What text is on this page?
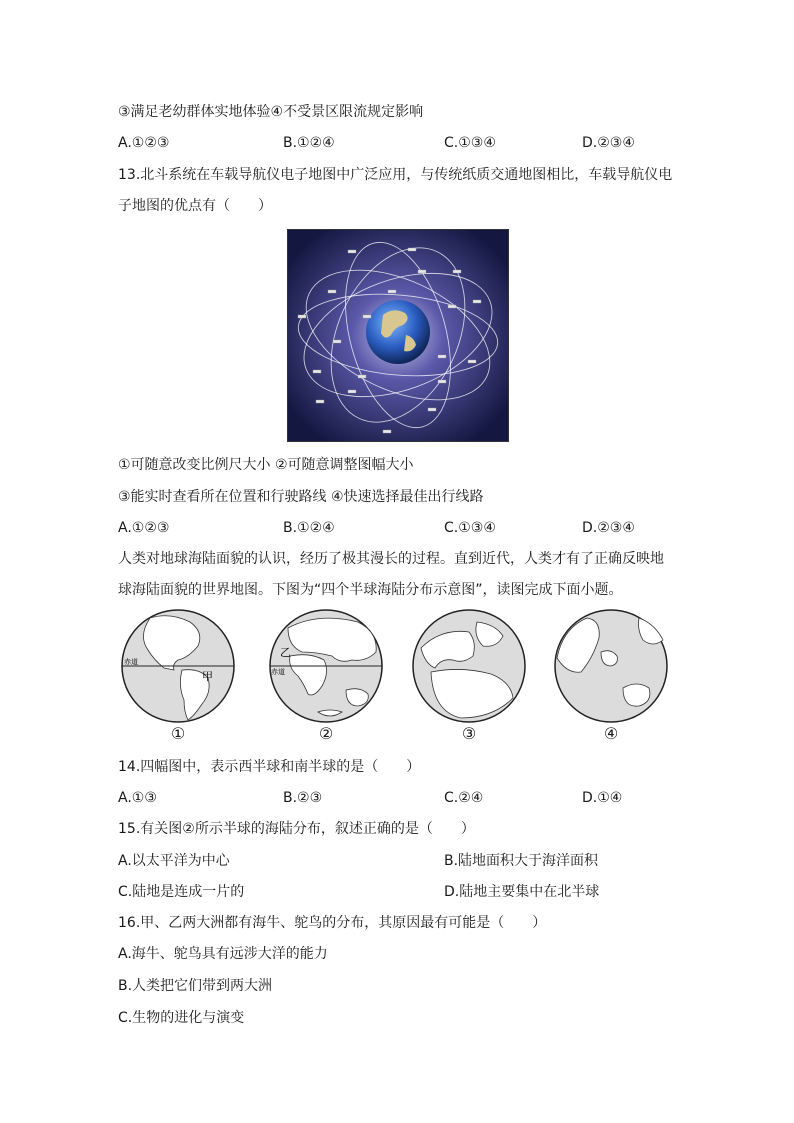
③满足老幼群体实地体验④不受景区限流规定影响
A.①②③	B.①②④	C.①③④	D.②③④
13.北斗系统在车载导航仪电子地图中广泛应用，与传统纸质交通地图相比，车载导航仪电
子地图的优点有（　　）
①可随意改变比例尺大小 ②可随意调整图幅大小
③能实时查看所在位置和行驶路线 ④快速选择最佳出行线路
A.①②③	B.①②④	C.①③④	D.②③④
人类对地球海陆面貌的认识，经历了极其漫长的过程。直到近代，人类才有了正确反映地
球海陆面貌的世界地图。下图为“四个半球海陆分布示意图”，读图完成下面小题。
赤道
甲	赤道
乙
①	②	③	④
14.四幅图中，表示西半球和南半球的是（　　）
A.①③	B.②③	C.②④	D.①④
15.有关图②所示半球的海陆分布，叙述正确的是（　　）
A.以太平洋为中心	B.陆地面积大于海洋面积
C.陆地是连成一片的	D.陆地主要集中在北半球
16.甲、乙两大洲都有海牛、鸵鸟的分布，其原因最有可能是（　　）
A.海牛、鸵鸟具有远涉大洋的能力
B.人类把它们带到两大洲
C.生物的进化与演变
